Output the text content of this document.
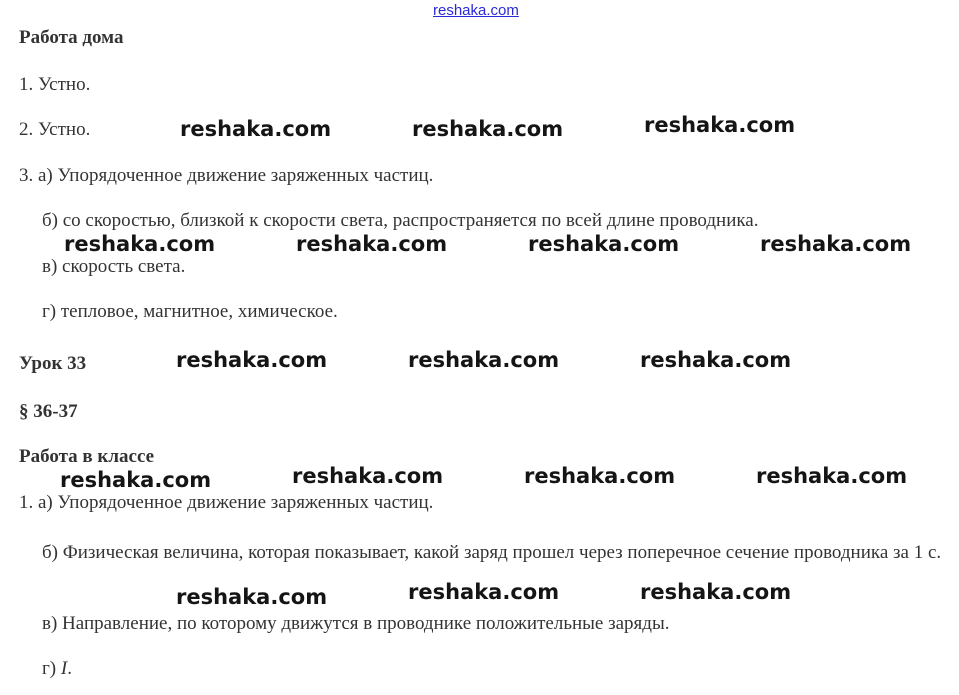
reshaka.com
Работа дома
1. Устно.
2. Устно.
3. а) Упорядоченное движение заряженных частиц.
б) со скоростью, близкой к скорости света, распространяется по всей длине проводника.
в) скорость света.
г) тепловое, магнитное, химическое.
Урок 33
§ 36-37
Работа в классе
1. а) Упорядоченное движение заряженных частиц.
б) Физическая величина, которая показывает, какой заряд прошел через поперечное сечение проводника за 1 с.
в) Направление, по которому движутся в проводнике положительные заряды.
г) I.
reshaka.com	reshaka.com	reshaka.com
reshaka.com	reshaka.com	reshaka.com	reshaka.com
reshaka.com	reshaka.com	reshaka.com
reshaka.com	reshaka.com	reshaka.com	reshaka.com
reshaka.com	reshaka.com	reshaka.com
